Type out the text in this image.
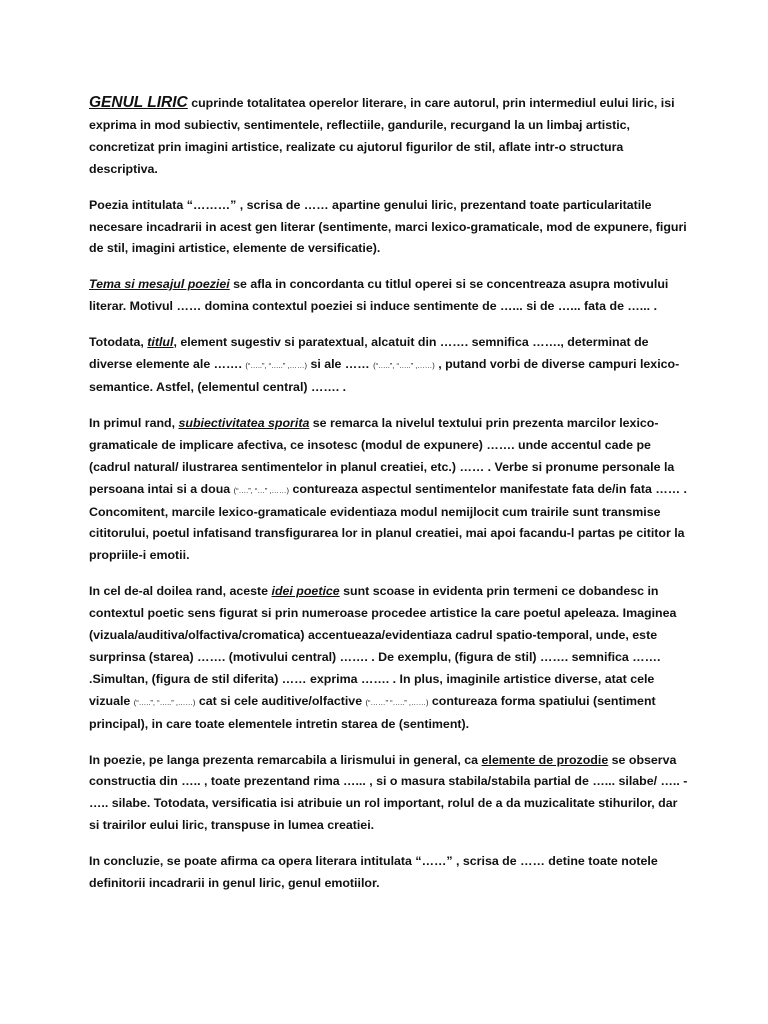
GENUL LIRIC cuprinde totalitatea operelor literare, in care autorul, prin intermediul eului liric, isi exprima in mod subiectiv, sentimentele, reflectiile, gandurile, recurgand la un limbaj artistic, concretizat prin imagini artistice, realizate cu ajutorul figurilor de stil, aflate intr-o structura descriptiva.

Poezia intitulata “………” , scrisa de …… apartine genului liric, prezentand toate particularitatile necesare incadrarii in acest gen literar (sentimente, marci lexico-gramaticale, mod de expunere, figuri de stil, imagini artistice, elemente de versificatie).

Tema si mesajul poeziei se afla in concordanta cu titlul operei si se concentreaza asupra motivului literar. Motivul …… domina contextul poeziei si induce sentimente de …... si de …... fata de …... .

Totodata, titlul, element sugestiv si paratextual, alcatuit din ……. semnifica ……., determinat de diverse elemente ale ……. (“…..”, “…..” ,……) si ale …… (“…..”, “…..” ,……) , putand vorbi de diverse campuri lexico-semantice. Astfel, (elementul central) ……. .

In primul rand, subiectivitatea sporita se remarca la nivelul textului prin prezenta marcilor lexico-gramaticale de implicare afectiva, ce insotesc (modul de expunere) ……. unde accentul cade pe (cadrul natural/ ilustrarea sentimentelor in planul creatiei, etc.) …… . Verbe si pronume personale la persoana intai si a doua (“….”, “…” ,……) contureaza aspectul sentimentelor manifestate fata de/in fata …… . Concomitent, marcile lexico-gramaticale evidentiaza modul nemijlocit cum trairile sunt transmise cititorului, poetul infatisand transfigurarea lor in planul creatiei, mai apoi facandu-l partas pe cititor la propriile-i emotii.

In cel de-al doilea rand, aceste idei poetice sunt scoase in evidenta prin termeni ce dobandesc in contextul poetic sens figurat si prin numeroase procedee artistice la care poetul apeleaza. Imaginea (vizuala/auditiva/olfactiva/cromatica) accentueaza/evidentiaza cadrul spatio-temporal, unde, este surprinsa (starea) ……. (motivului central) ……. . De exemplu, (figura de stil) ……. semnifica ……. .Simultan, (figura de stil diferita) …… exprima ……. . In plus, imaginile artistice diverse, atat cele vizuale (“…..”, “…..” ,……) cat si cele auditive/olfactive (“……” “…..” ,……) contureaza forma spatiului (sentiment principal), in care toate elementele intretin starea de (sentiment).

In poezie, pe langa prezenta remarcabila a lirismului in general, ca elemente de prozodie se observa constructia din ….. , toate prezentand rima …... , si o masura stabila/stabila partial de …... silabe/ ….. - ….. silabe. Totodata, versificatia isi atribuie un rol important, rolul de a da muzicalitate stihurilor, dar si trairilor eului liric, transpuse in lumea creatiei.

In concluzie, se poate afirma ca opera literara intitulata “……” , scrisa de …… detine toate notele definitorii incadrarii in genul liric, genul emotiilor.
